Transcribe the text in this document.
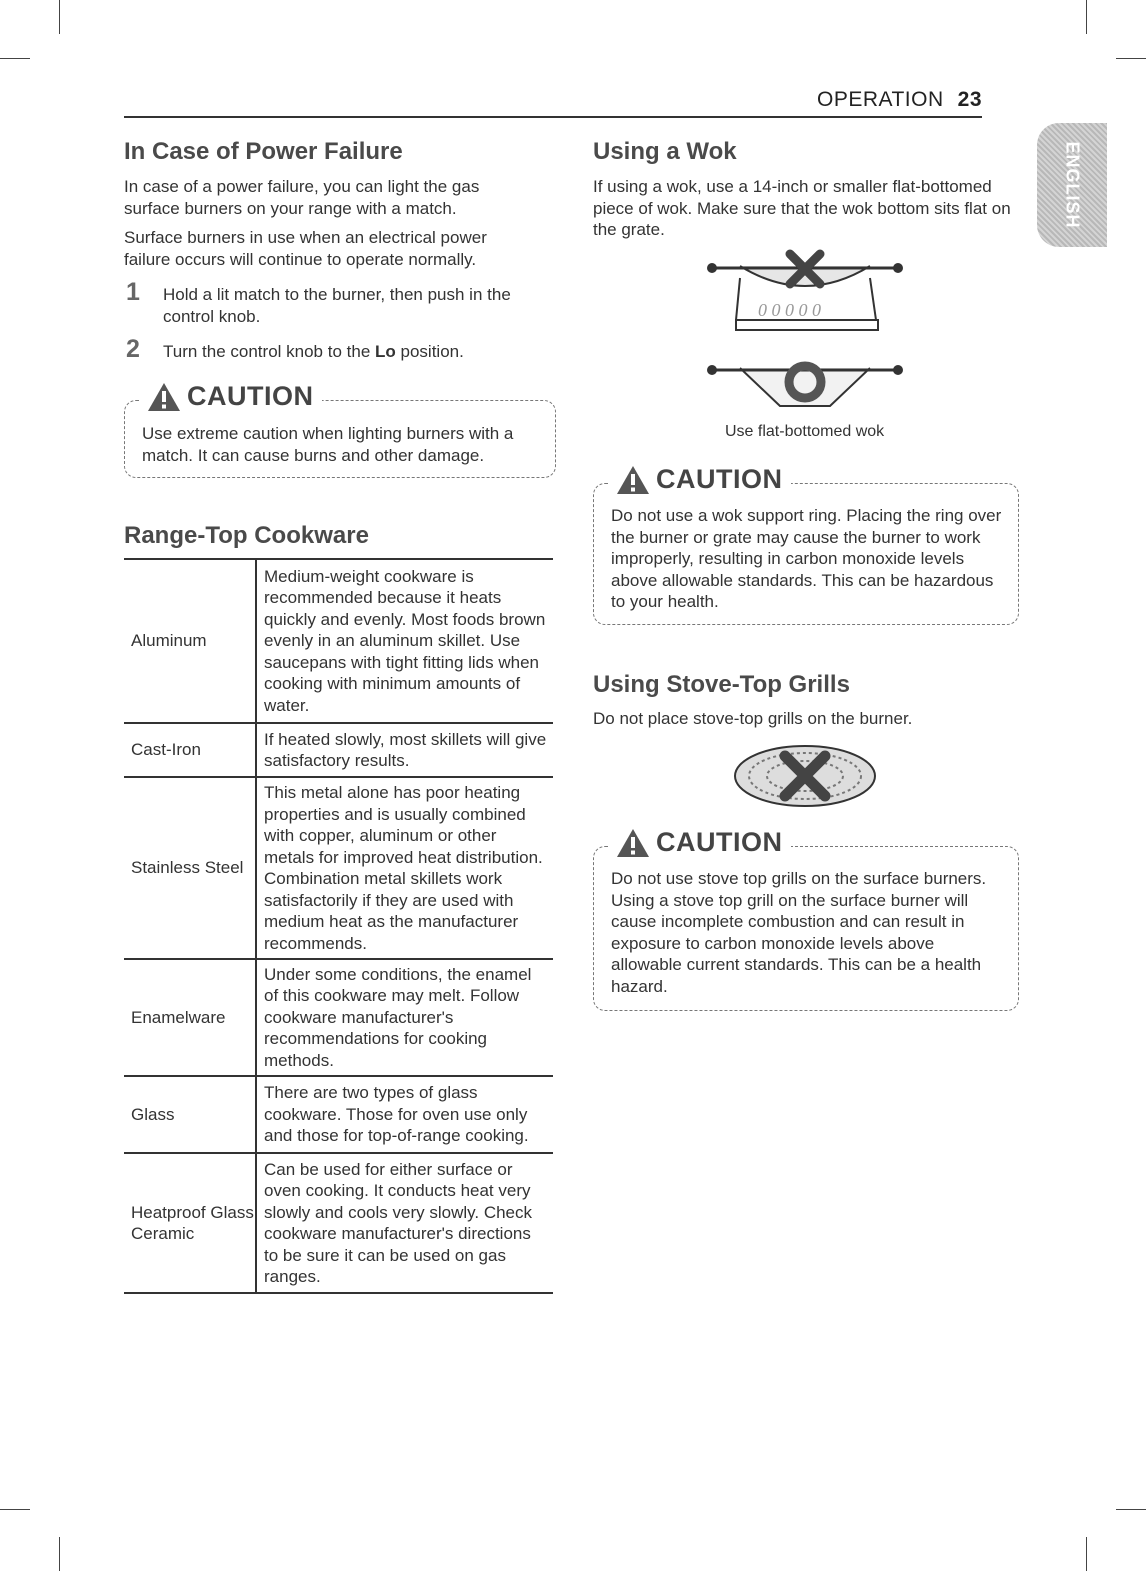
OPERATION 23
ENGLISH
In Case of Power Failure

In case of a power failure, you can light the gas surface burners on your range with a match.

Surface burners in use when an electrical power failure occurs will continue to operate normally.

1 Hold a lit match to the burner, then push in the control knob.
2 Turn the control knob to the Lo position.
CAUTION
Use extreme caution when lighting burners with a match. It can cause burns and other damage.
Range-Top Cookware
Aluminum	Medium-weight cookware is recommended because it heats quickly and evenly. Most foods brown evenly in an aluminum skillet. Use saucepans with tight fitting lids when cooking with minimum amounts of water.
Cast-Iron	If heated slowly, most skillets will give satisfactory results.
Stainless Steel	This metal alone has poor heating properties and is usually combined with copper, aluminum or other metals for improved heat distribution. Combination metal skillets work satisfactorily if they are used with medium heat as the manufacturer recommends.
Enamelware	Under some conditions, the enamel of this cookware may melt. Follow cookware manufacturer's recommendations for cooking methods.
Glass	There are two types of glass cookware. Those for oven use only and those for top-of-range cooking.
Heatproof Glass Ceramic	Can be used for either surface or oven cooking. It conducts heat very slowly and cools very slowly. Check cookware manufacturer's directions to be sure it can be used on gas ranges.
Using a Wok

If using a wok, use a 14-inch or smaller flat-bottomed piece of wok. Make sure that the wok bottom sits flat on the grate.

0 0 0 0 0
Use flat-bottomed wok
CAUTION
Do not use a wok support ring. Placing the ring over the burner or grate may cause the burner to work improperly, resulting in carbon monoxide levels above allowable standards. This can be hazardous to your health.
Using Stove-Top Grills

Do not place stove-top grills on the burner.

CAUTION
Do not use stove top grills on the surface burners. Using a stove top grill on the surface burner will cause incomplete combustion and can result in exposure to carbon monoxide levels above allowable current standards. This can be a health hazard.
